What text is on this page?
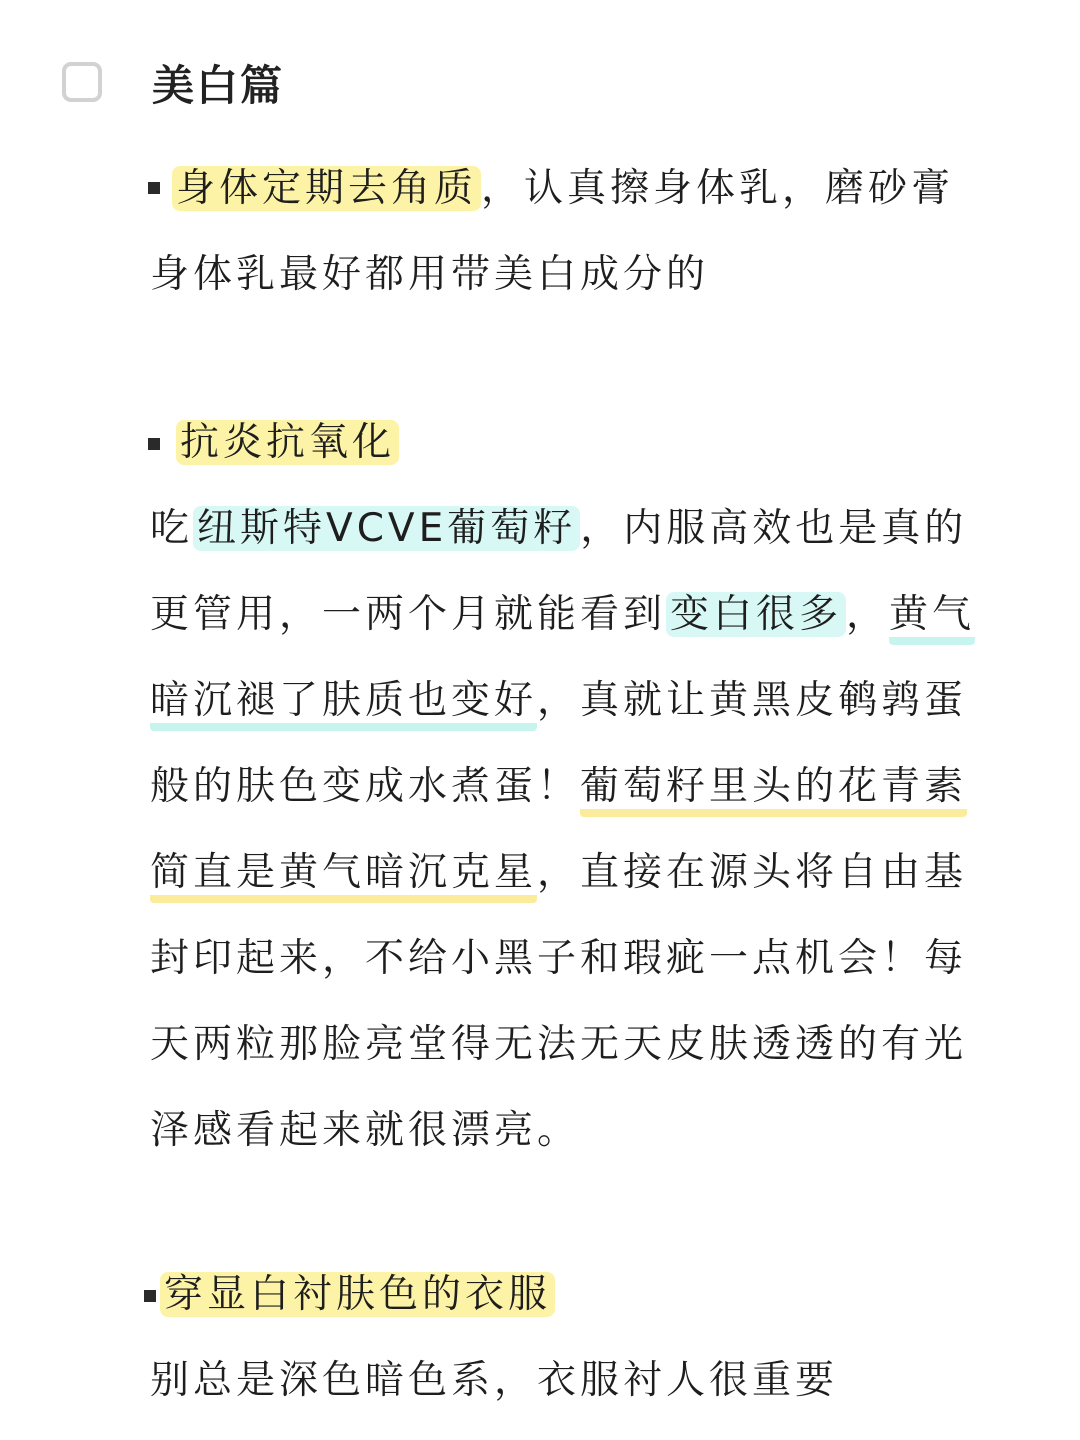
美白篇
身体定期去角质 ，认真擦身体乳，磨砂膏
身体乳最好都用带美白成分的
抗炎抗氧化
吃 纽斯特VCVE葡萄籽 ，内服高效也是真的
更管用，一两个月就能看到 变白很多 ，黄气
暗沉褪了肤质也变好，真就让黄黑皮鹌鹑蛋
般的肤色变成水煮蛋！葡萄籽里头的花青素
简直是黄气暗沉克星，直接在源头将自由基
封印起来，不给小黑子和瑕疵一点机会！每
天两粒那脸亮堂得无法无天皮肤透透的有光
泽感看起来就很漂亮。
穿显白衬肤色的衣服
别总是深色暗色系，衣服衬人很重要
